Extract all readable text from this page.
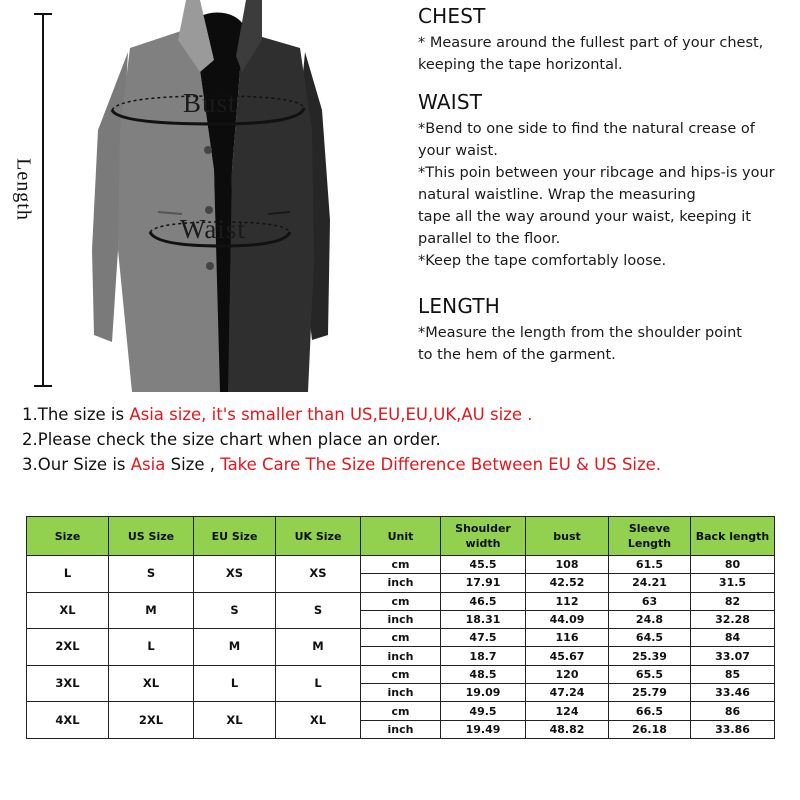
Bust
Waist
Length
CHEST
* Measure around the fullest part of your chest,
keeping the tape horizontal.
WAIST
*Bend to one side to find the natural crease of
your waist.
*This poin between your ribcage and hips-is your
natural waistline. Wrap the measuring
tape all the way around your waist, keeping it
parallel to the floor.
*Keep the tape comfortably loose.
LENGTH
*Measure the length from the shoulder point
to the hem of the garment.
1.The size is Asia size, it's smaller than US,EU,EU,UK,AU size .
2.Please check the size chart when place an order.
3.Our Size is Asia Size , Take Care The Size Difference Between EU & US Size.
Size	US Size	EU Size	UK Size	Unit	Shoulder width	bust	Sleeve Length	Back length
L	S	XS	XS	cm	45.5	108	61.5	80
				inch	17.91	42.52	24.21	31.5
XL	M	S	S	cm	46.5	112	63	82
				inch	18.31	44.09	24.8	32.28
2XL	L	M	M	cm	47.5	116	64.5	84
				inch	18.7	45.67	25.39	33.07
3XL	XL	L	L	cm	48.5	120	65.5	85
				inch	19.09	47.24	25.79	33.46
4XL	2XL	XL	XL	cm	49.5	124	66.5	86
				inch	19.49	48.82	26.18	33.86
